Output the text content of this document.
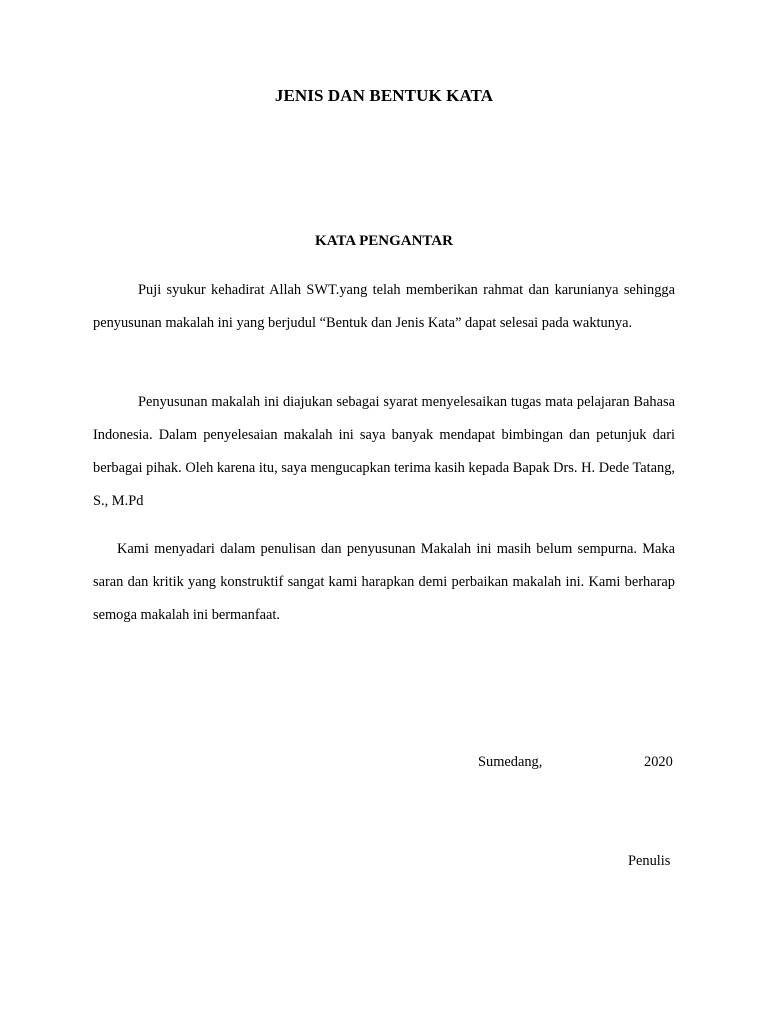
JENIS DAN BENTUK KATA
KATA PENGANTAR

Puji syukur kehadirat Allah SWT.yang telah memberikan rahmat dan karunianya sehingga penyusunan makalah ini yang berjudul “Bentuk dan Jenis Kata” dapat selesai pada waktunya.

Penyusunan makalah ini diajukan sebagai syarat menyelesaikan tugas mata pelajaran Bahasa Indonesia. Dalam penyelesaian makalah ini saya banyak mendapat bimbingan dan petunjuk dari berbagai pihak. Oleh karena itu, saya mengucapkan terima kasih kepada Bapak Drs. H. Dede Tatang, S., M.Pd

Kami menyadari dalam penulisan dan penyusunan Makalah ini masih belum sempurna. Maka saran dan kritik yang konstruktif sangat kami harapkan demi perbaikan makalah ini. Kami berharap semoga makalah ini bermanfaat.

Sumedang,	2020
Penulis
